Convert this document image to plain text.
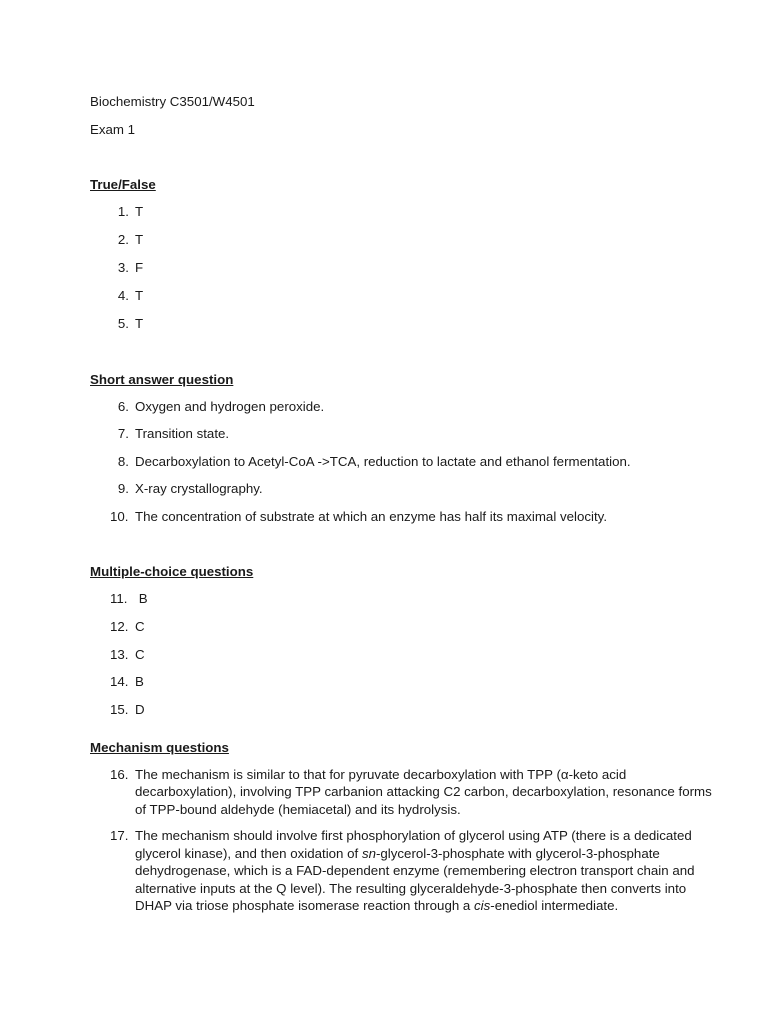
Biochemistry C3501/W4501
Exam 1
True/False
1. T
2. T
3. F
4. T
5. T
Short answer question
6. Oxygen and hydrogen peroxide.
7. Transition state.
8. Decarboxylation to Acetyl-CoA ->TCA, reduction to lactate and ethanol fermentation.
9. X-ray crystallography.
10. The concentration of substrate at which an enzyme has half its maximal velocity.
Multiple-choice questions
11. B
12. C
13. C
14. B
15. D
Mechanism questions
16. The mechanism is similar to that for pyruvate decarboxylation with TPP (α-keto acid decarboxylation), involving TPP carbanion attacking C2 carbon, decarboxylation, resonance forms of TPP-bound aldehyde (hemiacetal) and its hydrolysis.

17. The mechanism should involve first phosphorylation of glycerol using ATP (there is a dedicated glycerol kinase), and then oxidation of sn-glycerol-3-phosphate with glycerol-3-phosphate dehydrogenase, which is a FAD-dependent enzyme (remembering electron transport chain and alternative inputs at the Q level). The resulting glyceraldehyde-3-phosphate then converts into DHAP via triose phosphate isomerase reaction through a cis-enediol intermediate.
